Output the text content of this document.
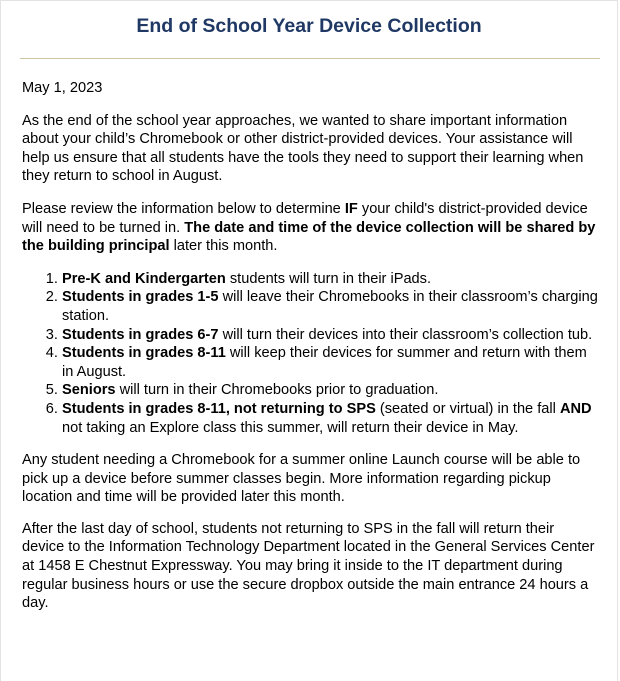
End of School Year Device Collection

May 1, 2023

As the end of the school year approaches, we wanted to share important information about your child’s Chromebook or other district-provided devices. Your assistance will help us ensure that all students have the tools they need to support their learning when they return to school in August.

Please review the information below to determine IF your child's district-provided device will need to be turned in. The date and time of the device collection will be shared by the building principal later this month.

1. Pre-K and Kindergarten students will turn in their iPads.
2. Students in grades 1-5 will leave their Chromebooks in their classroom’s charging station.
3. Students in grades 6-7 will turn their devices into their classroom’s collection tub.
4. Students in grades 8-11 will keep their devices for summer and return with them in August.
5. Seniors will turn in their Chromebooks prior to graduation.
6. Students in grades 8-11, not returning to SPS (seated or virtual) in the fall AND not taking an Explore class this summer, will return their device in May.

Any student needing a Chromebook for a summer online Launch course will be able to pick up a device before summer classes begin. More information regarding pickup location and time will be provided later this month.

After the last day of school, students not returning to SPS in the fall will return their device to the Information Technology Department located in the General Services Center at 1458 E Chestnut Expressway. You may bring it inside to the IT department during regular business hours or use the secure dropbox outside the main entrance 24 hours a day.
